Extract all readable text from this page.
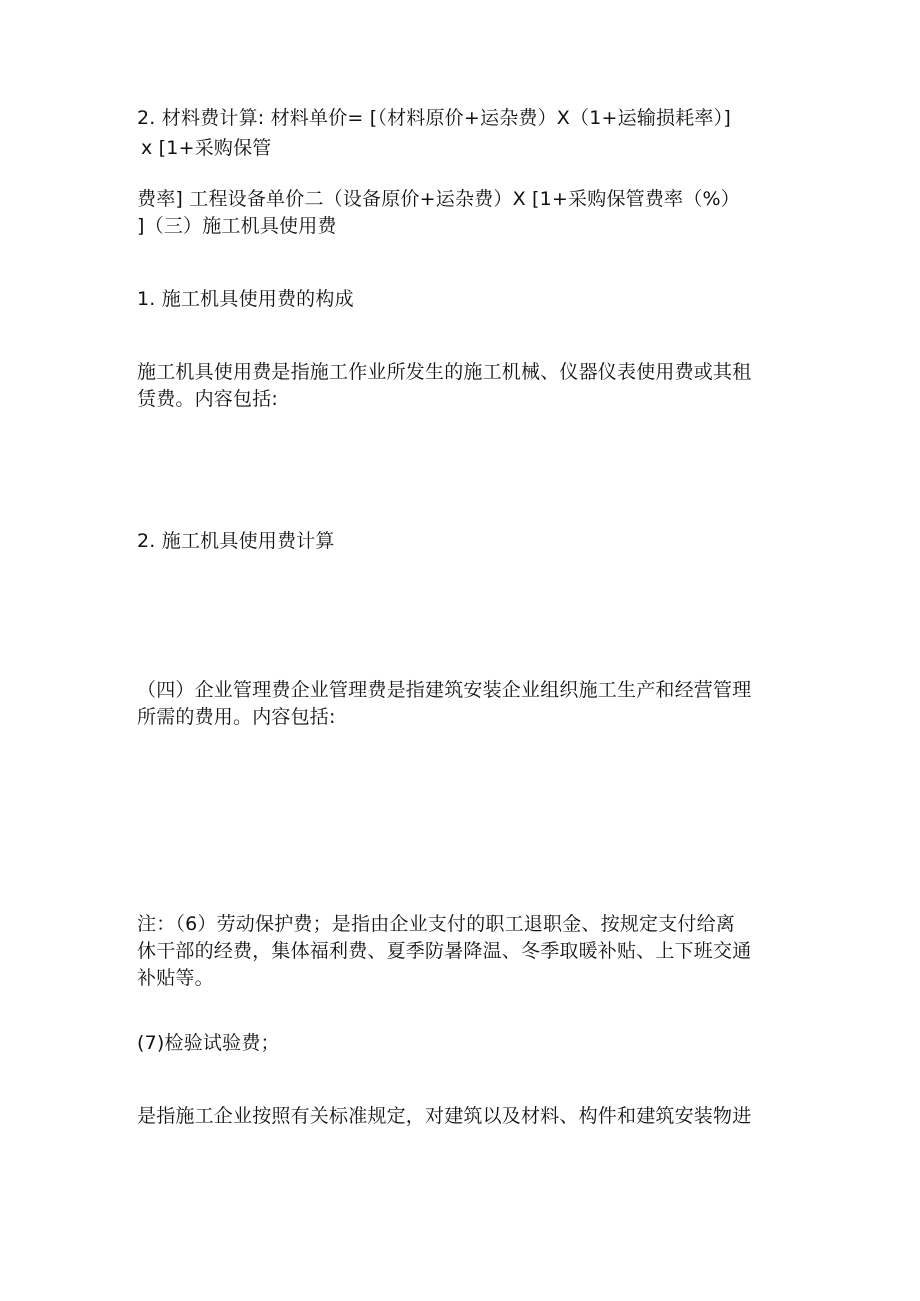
2. 材料费计算: 材料单价= [（材料原价+运杂费）X（1+运输损耗率）]
x [1+采购保管
费率] 工程设备单价二（设备原价+运杂费）X [1+采购保管费率（%）
]（三）施工机具使用费
1. 施工机具使用费的构成
施工机具使用费是指施工作业所发生的施工机械、仪器仪表使用费或其租
赁费。内容包括:
2. 施工机具使用费计算
（四）企业管理费企业管理费是指建筑安装企业组织施工生产和经营管理
所需的费用。内容包括:
注：（6）劳动保护费；是指由企业支付的职工退职金、按规定支付给离
休干部的经费，集体福利费、夏季防暑降温、冬季取暖补贴、上下班交通
补贴等。
(7)检验试验费；
是指施工企业按照有关标准规定，对建筑以及材料、构件和建筑安装物进
